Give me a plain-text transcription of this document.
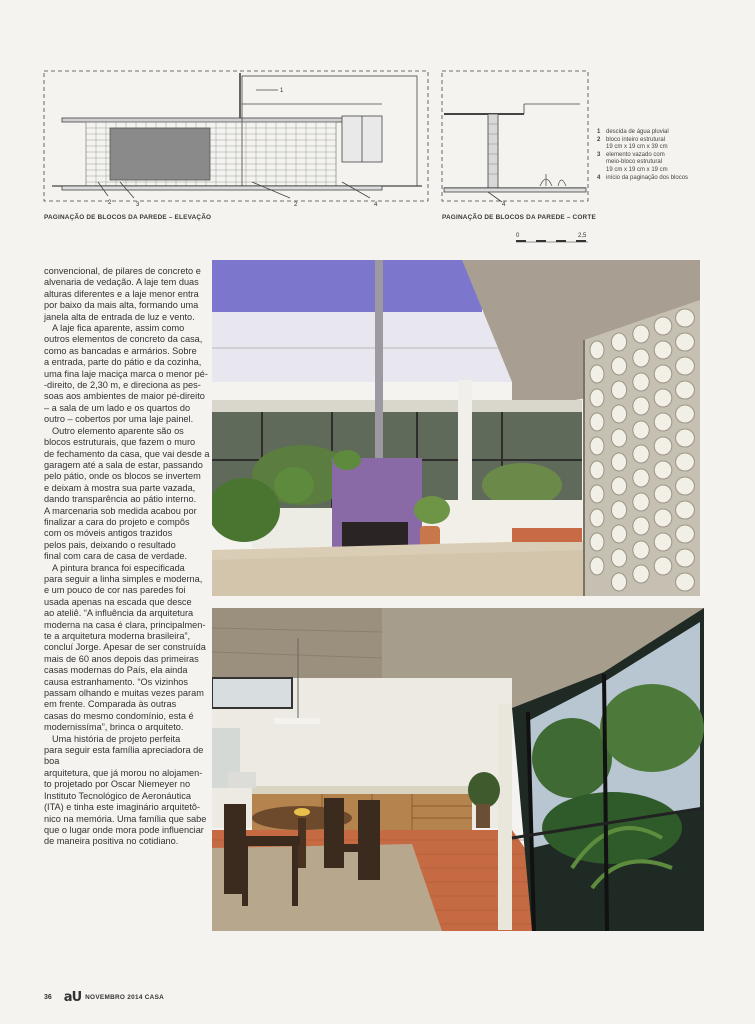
1
2	3	2	4
PAGINAÇÃO DE BLOCOS DA PAREDE – ELEVAÇÃO
4
PAGINAÇÃO DE BLOCOS DA PAREDE – CORTE
1 descida de água pluvial
2 bloco inteiro estrutural
19 cm x 19 cm x 39 cm
3 elemento vazado com
meio-bloco estrutural
19 cm x 19 cm x 19 cm
4 início da paginação dos blocos
0	2,5

convencional, de pilares de concreto e

alvenaria de vedação. A laje tem duas

alturas diferentes e a laje menor entra

por baixo da mais alta, formando uma

janela alta de entrada de luz e vento.

A laje fica aparente, assim como

outros elementos de concreto da casa,

como as bancadas e armários. Sobre

a entrada, parte do pátio e da cozinha,

uma fina laje maciça marca o menor pé-

-direito, de 2,30 m, e direciona as pes-

soas aos ambientes de maior pé-direito

– a sala de um lado e os quartos do

outro – cobertos por uma laje painel.

Outro elemento aparente são os

blocos estruturais, que fazem o muro

de fechamento da casa, que vai desde a

garagem até a sala de estar, passando

pelo pátio, onde os blocos se invertem

e deixam à mostra sua parte vazada,

dando transparência ao pátio interno.

A marcenaria sob medida acabou por

finalizar a cara do projeto e compôs

com os móveis antigos trazidos

pelos pais, deixando o resultado

final com cara de casa de verdade.

A pintura branca foi especificada

para seguir a linha simples e moderna,

e um pouco de cor nas paredes foi

usada apenas na escada que desce

ao ateliê. “A influência da arquitetura

moderna na casa é clara, principalmen-

te a arquitetura moderna brasileira”,

concluí Jorge. Apesar de ser construída

mais de 60 anos depois das primeiras

casas modernas do País, ela ainda

causa estranhamento. “Os vizinhos

passam olhando e muitas vezes param

em frente. Comparada às outras

casas do mesmo condomínio, esta é

modernissíma”, brinca o arquiteto.

Uma história de projeto perfeita

para seguir esta família apreciadora de boa

arquitetura, que já morou no alojamen-

to projetado por Oscar Niemeyer no

Instituto Tecnológico de Aeronáutica

(ITA) e tinha este imaginário arquitetô-

nico na memória. Uma família que sabe

que o lugar onde mora pode influenciar

de maneira positiva no cotidiano.

36 aU NOVEMBRO 2014 CASA
